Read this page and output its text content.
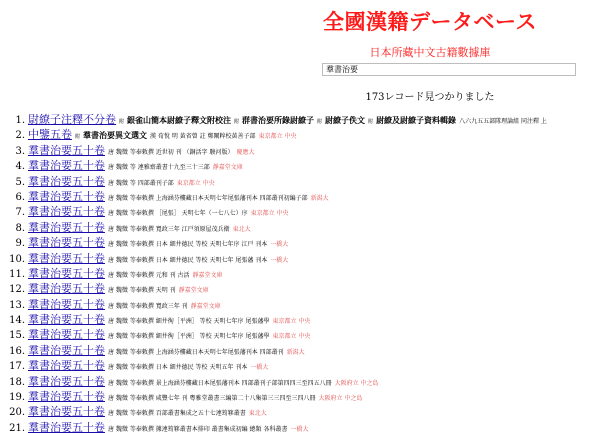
全國漢籍データベース
日本所藏中文古籍數據庫
羣書治要
173レコード見つかりました
1. 尉繚子注釋不分卷 附 銀雀山簡本尉繚子釋文附校注 附 群書治要所錄尉繚子 附 尉繚子佚文 附 尉繚及尉繚子資料輯錄 八六九五五部隊理論組 同注釋 上
2. 中鑒五卷 附 羣書治要異文選文 漢 荀悅 明 黃省曾 註 鄭闡粹校黃善子部 東京都立 中央
3. 羣書治要五十卷 唐 魏徵 等奉敕撰 近世初 刊 （銅活字 駿河版） 慶應大
4. 羣書治要五十卷 唐 魏徵 等 連雅齋叢書十九至三十三部 靜嘉堂文庫
5. 羣書治要五十卷 唐 魏徵 等 四部叢刊子部 東京都立 中央
6. 羣書治要五十卷 唐 魏徵 等奉敕撰 上海涵芬樓藏日本天明七年尾張藩刊本 四部叢刊初編子部 新潟大
7. 羣書治要五十卷 唐 魏徵 等奉敕撰 ［尾張］ 天明七年（一七八七）序 東京都立 中央
8. 羣書治要五十卷 唐 魏徵 等奉敕撰 寬政三年 江戸須原屋茂兵衛 東北大
9. 羣書治要五十卷 唐 魏徵 等奉敕撰 日本 細井德民 等校 天明七年序 江戸 刊本 一橋大
10. 羣書治要五十卷 唐 魏徵 等奉敕撰 日本 細井德民 等校 天明七年 尾張藩 刊本 一橋大
11. 羣書治要五十卷 唐 魏徵 等奉敕撰 元和 刊 古活 靜嘉堂文庫
12. 羣書治要五十卷 唐 魏徵 等奉敕撰 天明 刊 靜嘉堂文庫
13. 羣書治要五十卷 唐 魏徵 等奉敕撰 寬政三年 刊 靜嘉堂文庫
14. 羣書治要五十卷 唐 魏徵 等奉敕撰 細井徇［平洲］ 等校 天明七年序 尾張藩學 東京都立 中央
15. 羣書治要五十卷 唐 魏徵 等奉敕撰 細井徇［平洲］ 等校 天明七年序 尾張藩學 東京都立 中央
16. 羣書治要五十卷 唐 魏徵 等奉敕撰 上海涵芬樓藏日本天明七年尾張藩刊本 四部叢刊 新潟大
17. 羣書治要五十卷 唐 魏徵 等奉敕撰 日本 細井德民 等校 天明五年 刊本 一橋大
18. 羣書治要五十卷 唐 魏徵 等奉敕撰 景上海涵芬樓藏日本尾張藩刊本 四部叢刊子部第四四三至四五八冊 大阪府立 中之島
19. 羣書治要五十卷 唐 魏徵 等奉敕撰 咸豐七年 刊 粵雅堂叢書三編第二十八集第三三四至三四八冊 大阪府立 中之島
20. 羣書治要五十卷 唐 魏徵 等奉敕撰 百部叢書集成之五十七連筠簃叢書 東北大
21. 羣書治要五十卷 唐 魏徵 等奉敕撰 據連筠簃叢書本排印 叢書集成初編 總類 各科叢書 一橋大
